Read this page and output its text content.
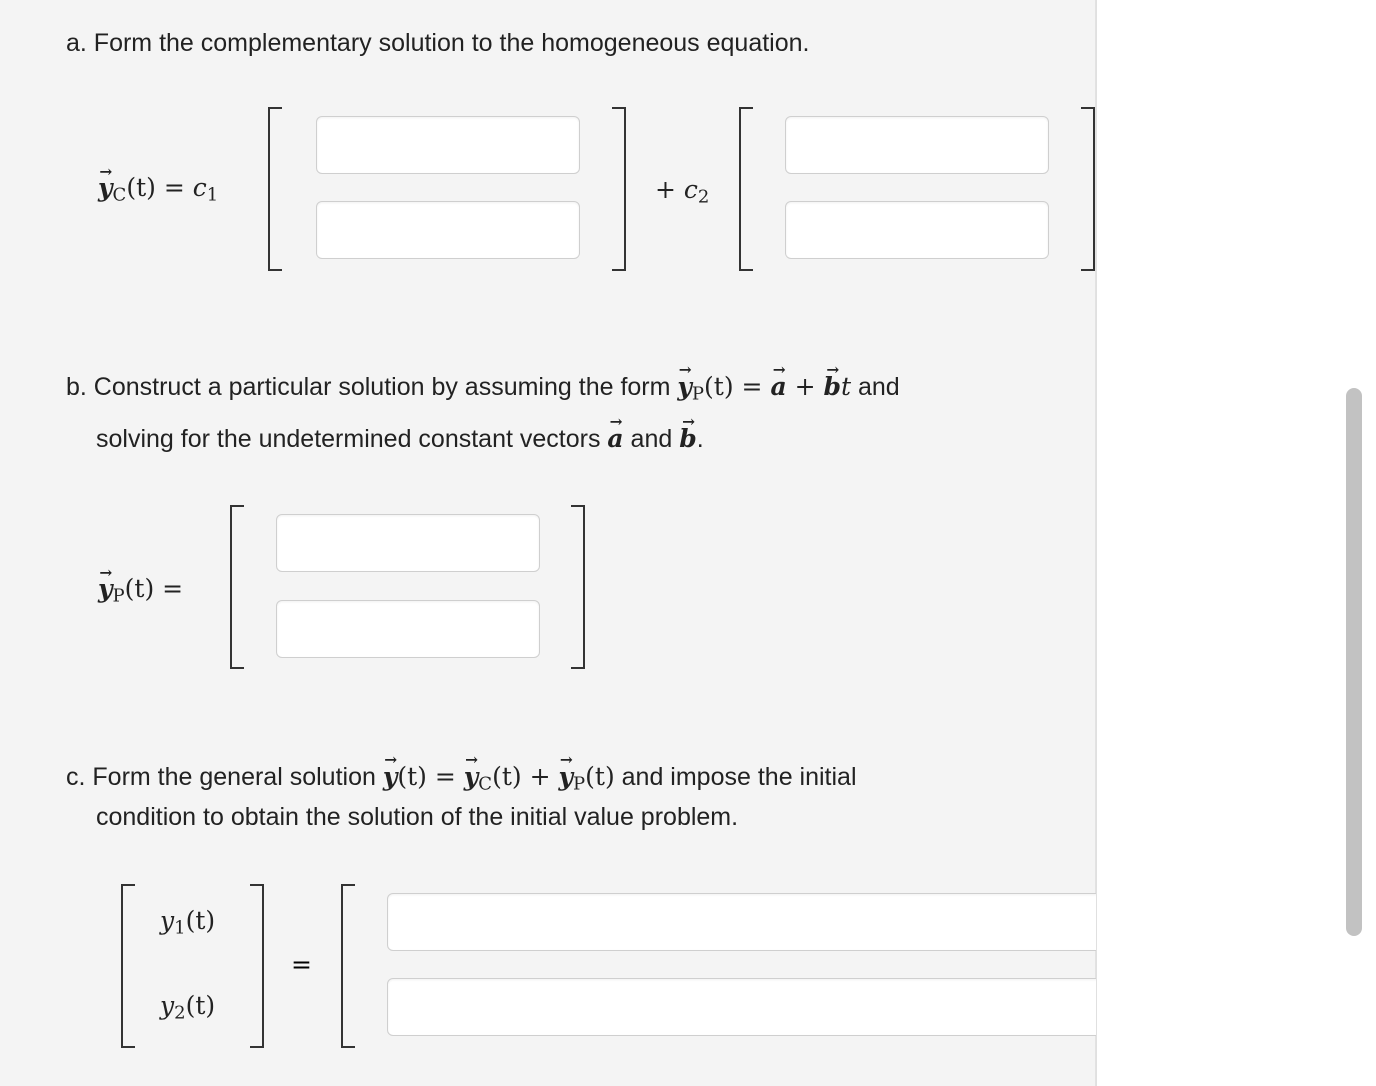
a. Form the complementary solution to the homogeneous equation.
→ $y_C(t) = c_1$	+ $c_2$
b. Construct a particular solution by assuming the form → $y_P(t)$ = → a + → bt and
solving for the undetermined constant vectors → a and → b.
→ $y_P(t)$ =
c. Form the general solution → y(t) = → $y_C(t)$ + → $y_P(t)$ and impose the initial
condition to obtain the solution of the initial value problem.
$y_1(t)$
$y_2(t)$
=
